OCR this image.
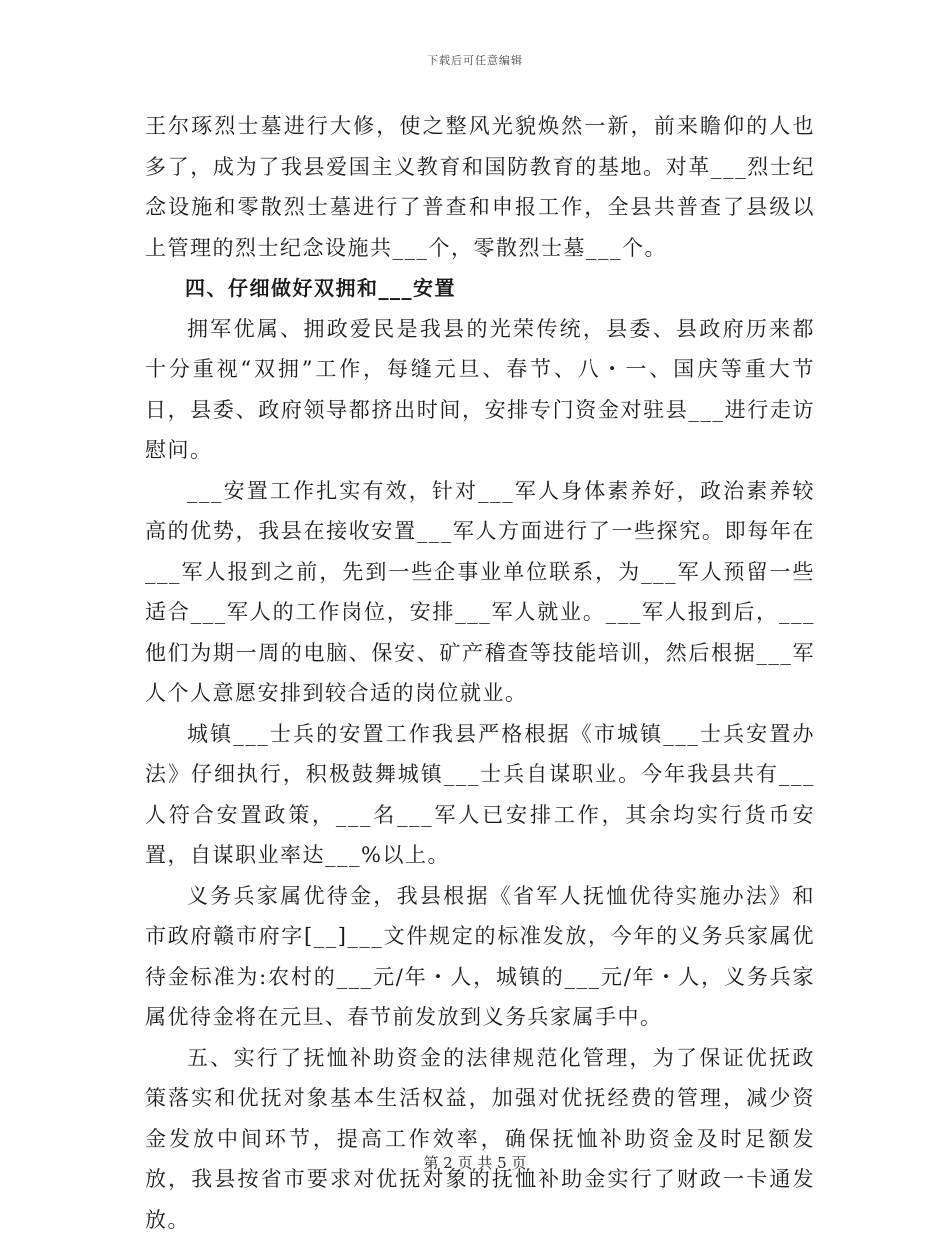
下载后可任意编辑

王尔琢烈士墓进行大修，使之整风光貌焕然一新，前来瞻仰的人也多了，成为了我县爱国主义教育和国防教育的基地。对革___烈士纪念设施和零散烈士墓进行了普查和申报工作，全县共普查了县级以上管理的烈士纪念设施共___个，零散烈士墓___个。

四、仔细做好双拥和___安置

拥军优属、拥政爱民是我县的光荣传统，县委、县政府历来都十分重视“双拥”工作，每缝元旦、春节、八・一、国庆等重大节日，县委、政府领导都挤出时间，安排专门资金对驻县___进行走访慰问。

___安置工作扎实有效，针对___军人身体素养好，政治素养较高的优势，我县在接收安置___军人方面进行了一些探究。即每年在___军人报到之前，先到一些企事业单位联系，为___军人预留一些适合___军人的工作岗位，安排___军人就业。___军人报到后，___他们为期一周的电脑、保安、矿产稽查等技能培训，然后根据___军人个人意愿安排到较合适的岗位就业。

城镇___士兵的安置工作我县严格根据《市城镇___士兵安置办法》仔细执行，积极鼓舞城镇___士兵自谋职业。今年我县共有___人符合安置政策，___名___军人已安排工作，其余均实行货币安置，自谋职业率达___%以上。

义务兵家属优待金，我县根据《省军人抚恤优待实施办法》和市政府赣市府字[__]___文件规定的标准发放，今年的义务兵家属优待金标准为:农村的___元/年・人，城镇的___元/年・人，义务兵家属优待金将在元旦、春节前发放到义务兵家属手中。

五、实行了抚恤补助资金的法律规范化管理，为了保证优抚政策落实和优抚对象基本生活权益，加强对优抚经费的管理，减少资金发放中间环节，提高工作效率，确保抚恤补助资金及时足额发放，我县按省市要求对优抚对象的抚恤补助金实行了财政一卡通发放。

第 2 页 共 5 页
